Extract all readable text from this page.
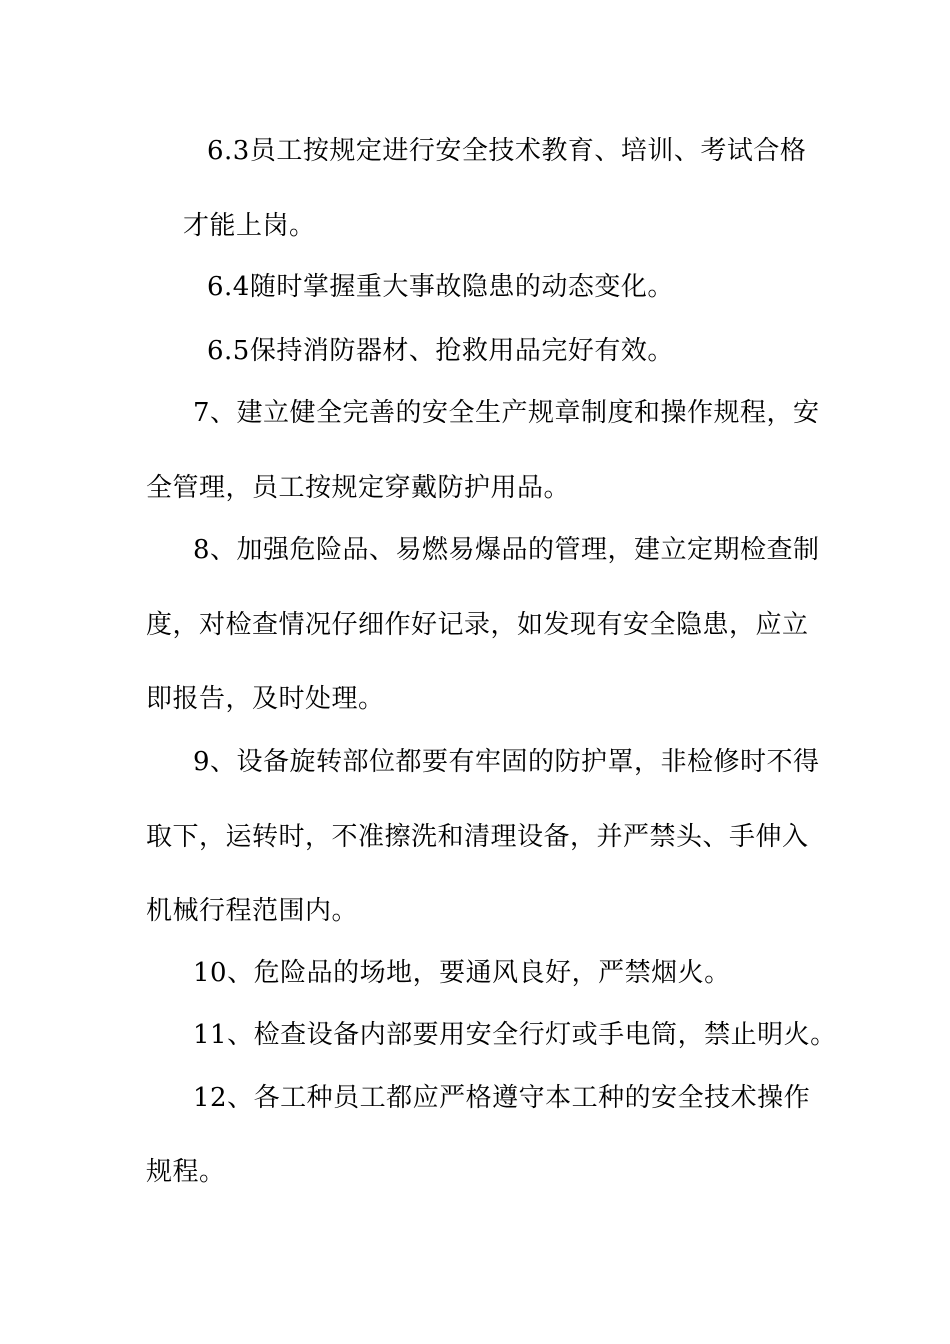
6.3员工按规定进行安全技术教育、培训、考试合格
才能上岗。
6.4随时掌握重大事故隐患的动态变化。
6.5保持消防器材、抢救用品完好有效。
7、建立健全完善的安全生产规章制度和操作规程，安
全管理，员工按规定穿戴防护用品。
8、加强危险品、易燃易爆品的管理，建立定期检查制
度，对检查情况仔细作好记录，如发现有安全隐患，应立
即报告，及时处理。
9、设备旋转部位都要有牢固的防护罩，非检修时不得
取下，运转时，不准擦洗和清理设备，并严禁头、手伸入
机械行程范围内。
10、危险品的场地，要通风良好，严禁烟火。
11、检查设备内部要用安全行灯或手电筒，禁止明火。
12、各工种员工都应严格遵守本工种的安全技术操作
规程。
